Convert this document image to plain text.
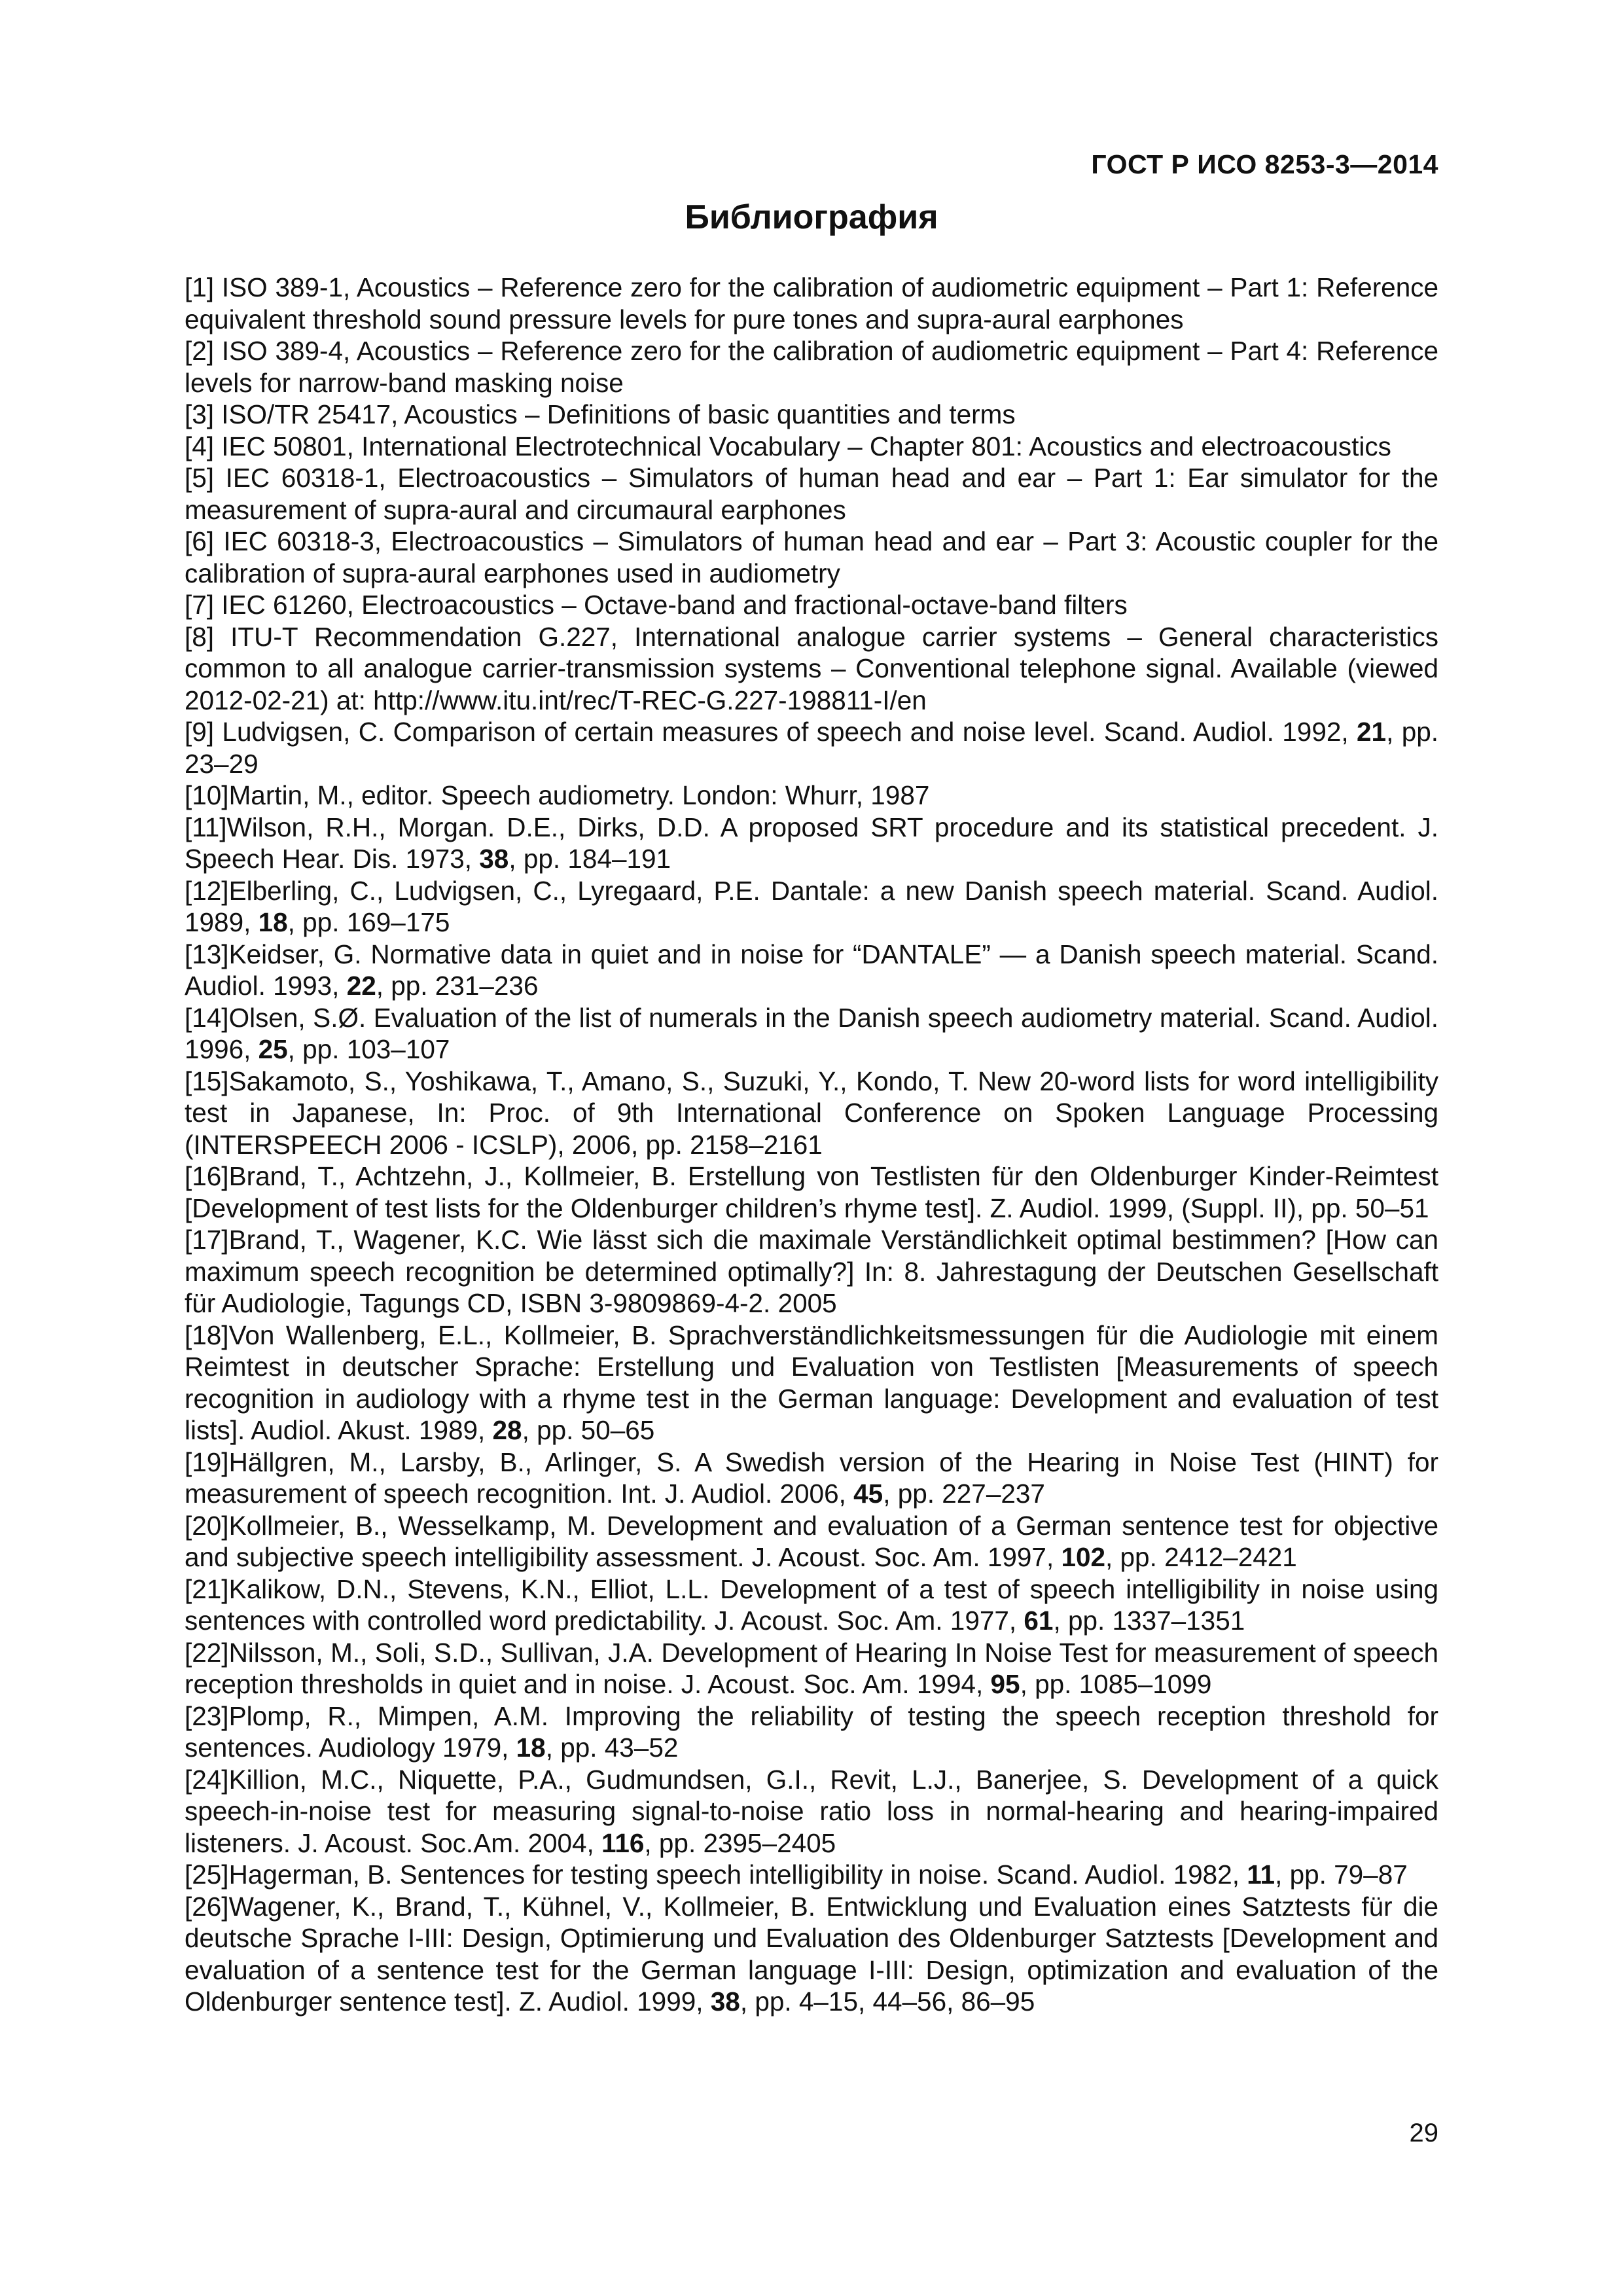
ГОСТ Р ИСО 8253-3—2014
Библиография
[1] ISO 389-1, Acoustics – Reference zero for the calibration of audiometric equipment – Part 1: Reference equivalent threshold sound pressure levels for pure tones and supra-aural earphones
[2] ISO 389-4, Acoustics – Reference zero for the calibration of audiometric equipment – Part 4: Reference levels for narrow-band masking noise
[3] ISO/TR 25417, Acoustics – Definitions of basic quantities and terms
[4] IEC 50801, International Electrotechnical Vocabulary – Chapter 801: Acoustics and electroacoustics
[5] IEC 60318-1, Electroacoustics – Simulators of human head and ear – Part 1: Ear simulator for the measurement of supra-aural and circumaural earphones
[6] IEC 60318-3, Electroacoustics – Simulators of human head and ear – Part 3: Acoustic coupler for the calibration of supra-aural earphones used in audiometry
[7] IEC 61260, Electroacoustics – Octave-band and fractional-octave-band filters
[8] ITU-T Recommendation G.227, International analogue carrier systems – General characteristics common to all analogue carrier-transmission systems – Conventional telephone signal. Available (viewed 2012-02-21) at: http://www.itu.int/rec/T-REC-G.227-198811-I/en
[9] Ludvigsen, C. Comparison of certain measures of speech and noise level. Scand. Audiol. 1992, 21, pp. 23–29
[10]Martin, M., editor. Speech audiometry. London: Whurr, 1987
[11]Wilson, R.H., Morgan. D.E., Dirks, D.D. A proposed SRT procedure and its statistical precedent. J. Speech Hear. Dis. 1973, 38, pp. 184–191
[12]Elberling, C., Ludvigsen, C., Lyregaard, P.E. Dantale: a new Danish speech material. Scand. Audiol. 1989, 18, pp. 169–175
[13]Keidser, G. Normative data in quiet and in noise for “DANTALE” — a Danish speech material. Scand. Audiol. 1993, 22, pp. 231–236
[14]Olsen, S.Ø. Evaluation of the list of numerals in the Danish speech audiometry material. Scand. Audiol. 1996, 25, pp. 103–107
[15]Sakamoto, S., Yoshikawa, T., Amano, S., Suzuki, Y., Kondo, T. New 20-word lists for word intelligibility test in Japanese, In: Proc. of 9th International Conference on Spoken Language Processing (INTERSPEECH 2006 - ICSLP), 2006, pp. 2158–2161
[16]Brand, T., Achtzehn, J., Kollmeier, B. Erstellung von Testlisten für den Oldenburger Kinder-Reimtest [Development of test lists for the Oldenburger children’s rhyme test]. Z. Audiol. 1999, (Suppl. II), pp. 50–51
[17]Brand, T., Wagener, K.C. Wie lässt sich die maximale Verständlichkeit optimal bestimmen? [How can maximum speech recognition be determined optimally?] In: 8. Jahrestagung der Deutschen Gesellschaft für Audiologie, Tagungs CD, ISBN 3-9809869-4-2. 2005
[18]Von Wallenberg, E.L., Kollmeier, B. Sprachverständlichkeitsmessungen für die Audiologie mit einem Reimtest in deutscher Sprache: Erstellung und Evaluation von Testlisten [Measurements of speech recognition in audiology with a rhyme test in the German language: Development and evaluation of test lists]. Audiol. Akust. 1989, 28, pp. 50–65
[19]Hällgren, M., Larsby, B., Arlinger, S. A Swedish version of the Hearing in Noise Test (HINT) for measurement of speech recognition. Int. J. Audiol. 2006, 45, pp. 227–237
[20]Kollmeier, B., Wesselkamp, M. Development and evaluation of a German sentence test for objective and subjective speech intelligibility assessment. J. Acoust. Soc. Am. 1997, 102, pp. 2412–2421
[21]Kalikow, D.N., Stevens, K.N., Elliot, L.L. Development of a test of speech intelligibility in noise using sentences with controlled word predictability. J. Acoust. Soc. Am. 1977, 61, pp. 1337–1351
[22]Nilsson, M., Soli, S.D., Sullivan, J.A. Development of Hearing In Noise Test for measurement of speech reception thresholds in quiet and in noise. J. Acoust. Soc. Am. 1994, 95, pp. 1085–1099
[23]Plomp, R., Mimpen, A.M. Improving the reliability of testing the speech reception threshold for sentences. Audiology 1979, 18, pp. 43–52
[24]Killion, M.C., Niquette, P.A., Gudmundsen, G.I., Revit, L.J., Banerjee, S. Development of a quick speech-in-noise test for measuring signal-to-noise ratio loss in normal-hearing and hearing-impaired listeners. J. Acoust. Soc.Am. 2004, 116, pp. 2395–2405
[25]Hagerman, B. Sentences for testing speech intelligibility in noise. Scand. Audiol. 1982, 11, pp. 79–87
[26]Wagener, K., Brand, T., Kühnel, V., Kollmeier, B. Entwicklung und Evaluation eines Satztests für die deutsche Sprache I-III: Design, Optimierung und Evaluation des Oldenburger Satztests [Development and evaluation of a sentence test for the German language I-III: Design, optimization and evaluation of the Oldenburger sentence test]. Z. Audiol. 1999, 38, pp. 4–15, 44–56, 86–95
29
